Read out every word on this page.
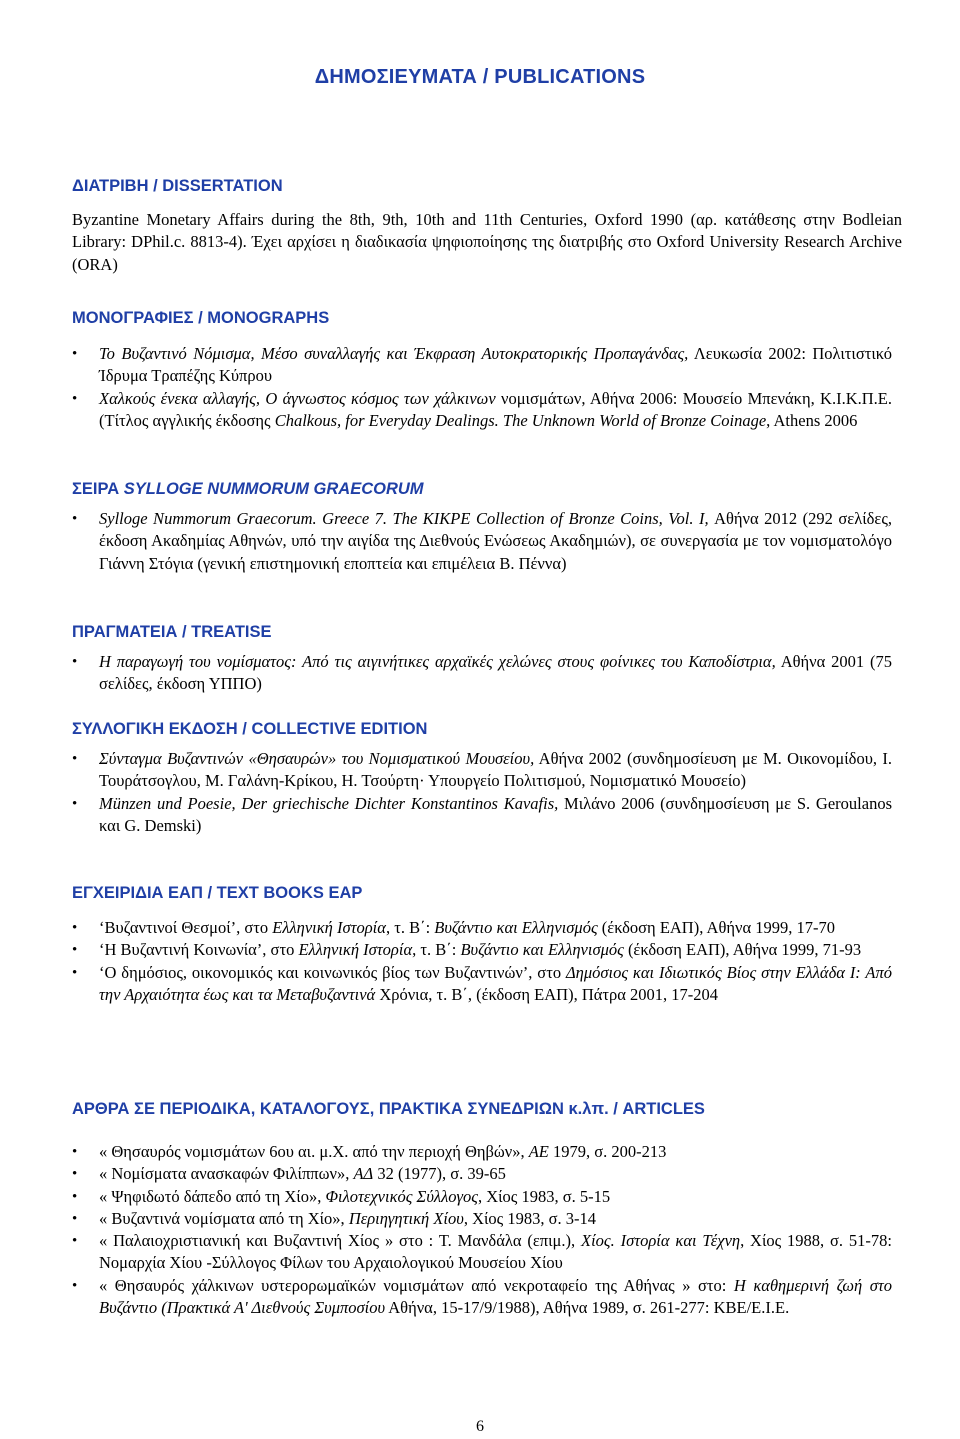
ΔΗΜΟΣΙΕΥΜΑΤΑ / PUBLICATIONS
ΔΙΑΤΡΙΒΗ / DISSERTATION

Byzantine Monetary Affairs during the 8th, 9th, 10th and 11th Centuries, Oxford 1990 (αρ. κατάθεσης στην Bodleian Library: DPhil.c. 8813-4). Έχει αρχίσει η διαδικασία ψηφιοποίησης της διατριβής στο Oxford University Research Archive (ORA)

ΜΟΝΟΓΡΑΦΙΕΣ / MONOGRAPHS
• Το Βυζαντινό Νόμισμα, Μέσο συναλλαγής και Έκφραση Αυτοκρατορικής Προπαγάνδας, Λευκωσία 2002: Πολιτιστικό Ίδρυμα Τραπέζης Κύπρου
• Χαλκούς ένεκα αλλαγής, Ο άγνωστος κόσμος των χάλκινων νομισμάτων, Αθήνα 2006: Μουσείο Μπενάκη, Κ.Ι.Κ.Π.Ε. (Τίτλος αγγλικής έκδοσης Chalkous, for Everyday Dealings. The Unknown World of Bronze Coinage, Athens 2006
ΣΕΙΡΑ SYLLOGE NUMMORUM GRAECORUM
• Sylloge Nummorum Graecorum. Greece 7. The KIKPE Collection of Bronze Coins, Vol. I, Αθήνα 2012 (292 σελίδες, έκδοση Ακαδημίας Αθηνών, υπό την αιγίδα της Διεθνούς Ενώσεως Ακαδημιών), σε συνεργασία με τον νομισματολόγο Γιάννη Στόγια (γενική επιστημονική εποπτεία και επιμέλεια Β. Πέννα)
ΠΡΑΓΜΑΤΕΙΑ / TREATISE
• Η παραγωγή του νομίσματος: Από τις αιγινήτικες αρχαϊκές χελώνες στους φοίνικες του Καποδίστρια, Αθήνα 2001 (75 σελίδες, έκδοση ΥΠΠΟ)
ΣΥΛΛΟΓΙΚΗ ΕΚΔΟΣΗ / COLLECTIVE EDITION
• Σύνταγμα Βυζαντινών «Θησαυρών» του Νομισματικού Μουσείου, Αθήνα 2002 (συνδημοσίευση με Μ. Οικονομίδου, Ι. Τουράτσογλου, Μ. Γαλάνη-Κρίκου, Η. Τσούρτη· Υπουργείο Πολιτισμού, Νομισματικό Μουσείο)
• Münzen und Poesie, Der griechische Dichter Konstantinos Kavafis, Μιλάνο 2006 (συνδημοσίευση με S. Geroulanos και G. Demski)
ΕΓΧΕΙΡΙΔΙΑ ΕΑΠ / TEXT BOOKS EAP
• ‘Βυζαντινοί Θεσμοί’, στο Ελληνική Ιστορία, τ. Β΄: Βυζάντιο και Ελληνισμός (έκδοση ΕΑΠ), Αθήνα 1999, 17-70
• ‘Η Βυζαντινή Κοινωνία’, στο Ελληνική Ιστορία, τ. Β΄: Βυζάντιο και Ελληνισμός (έκδοση ΕΑΠ), Αθήνα 1999, 71-93
• ‘Ο δημόσιος, οικονομικός και κοινωνικός βίος των Βυζαντινών’, στο Δημόσιος και Ιδιωτικός Βίος στην Ελλάδα Ι: Από την Αρχαιότητα έως και τα Μεταβυζαντινά Χρόνια, τ. Β΄, (έκδοση ΕΑΠ), Πάτρα 2001, 17-204
ΑΡΘΡΑ ΣΕ ΠΕΡΙΟΔΙΚΑ, ΚΑΤΑΛΟΓΟΥΣ, ΠΡΑΚΤΙΚΑ ΣΥΝΕΔΡΙΩΝ κ.λπ. / ARTICLES
• « Θησαυρός νομισμάτων 6ου αι. μ.Χ. από την περιοχή Θηβών», ΑΕ 1979, σ. 200-213
• « Νομίσματα ανασκαφών Φιλίππων», ΑΔ 32 (1977), σ. 39-65
• « Ψηφιδωτό δάπεδο από τη Χίο», Φιλοτεχνικός Σύλλογος, Χίος 1983, σ. 5-15
• « Βυζαντινά νομίσματα από τη Χίο», Περιηγητική Χίου, Χίος 1983, σ. 3-14
• « Παλαιοχριστιανική και Βυζαντινή Χίος » στο : Τ. Μανδάλα (επιμ.), Χίος. Ιστορία και Τέχνη, Χίος 1988, σ. 51-78: Νομαρχία Χίου -Σύλλογος Φίλων του Αρχαιολογικού Μουσείου Χίου
• « Θησαυρός χάλκινων υστερορωμαϊκών νομισμάτων από νεκροταφείο της Αθήνας » στο: Η καθημερινή ζωή στο Βυζάντιο (Πρακτικά Α' Διεθνούς Συμποσίου Αθήνα, 15-17/9/1988), Αθήνα 1989, σ. 261-277: ΚΒΕ/Ε.Ι.Ε.
6
